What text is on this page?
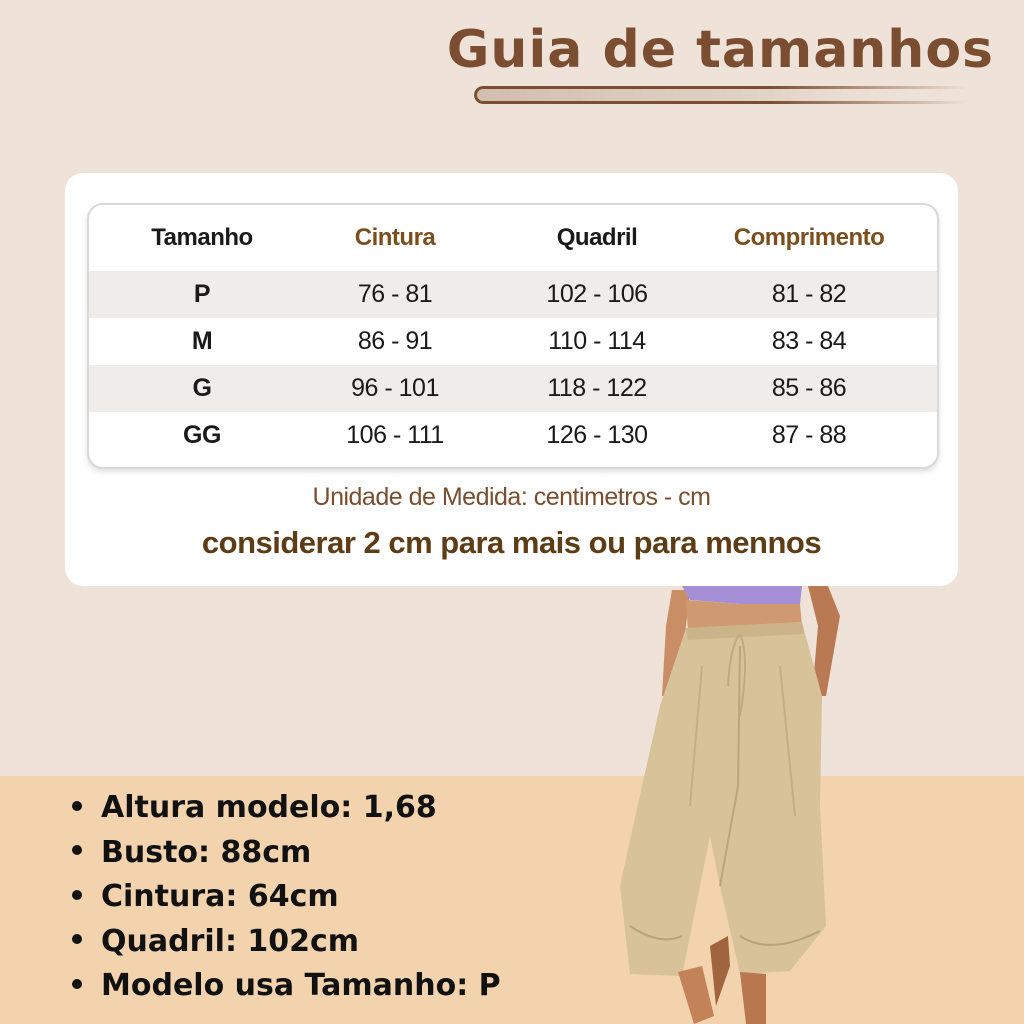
Guia de tamanhos
Tamanho	Cintura	Quadril	Comprimento
P	76 - 81	102 - 106	81 - 82
M	86 - 91	110 - 114	83 - 84
G	96 - 101	118 - 122	85 - 86
GG	106 - 111	126 - 130	87 - 88
Unidade de Medida: centimetros - cm
considerar 2 cm para mais ou para mennos
Altura modelo: 1,68
Busto: 88cm
Cintura: 64cm
Quadril: 102cm
Modelo usa Tamanho: P
